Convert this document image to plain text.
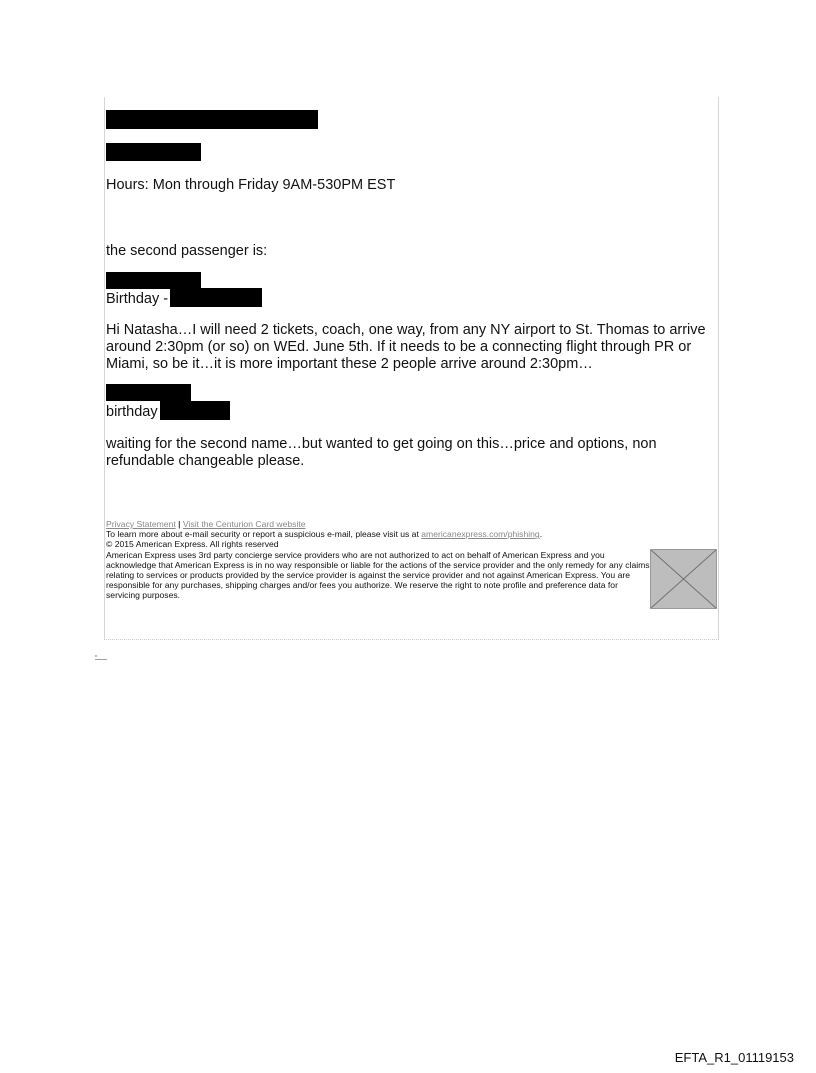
Hours: Mon through Friday 9AM-530PM EST
the second passenger is:
Birthday -
Hi Natasha…I will need 2 tickets, coach, one way, from any NY airport to St. Thomas to arrive around 2:30pm (or so) on WEd. June 5th. If it needs to be a connecting flight through PR or Miami, so be it…it is more important these 2 people arrive around 2:30pm…
birthday
waiting for the second name…but wanted to get going on this…price and options, non refundable changeable please.
Privacy Statement | Visit the Centurion Card website
To learn more about e-mail security or report a suspicious e-mail, please visit us at americanexpress.com/phishing.
© 2015 American Express. All rights reserved
American Express uses 3rd party concierge service providers who are not authorized to act on behalf of American Express and you acknowledge that American Express is in no way responsible or liable for the actions of the service provider and the only remedy for any claims relating to services or products provided by the service provider is against the service provider and not against American Express. You are responsible for any purchases, shipping charges and/or fees you authorize. We reserve the right to note profile and preference data for servicing purposes.
EFTA_R1_01119153
